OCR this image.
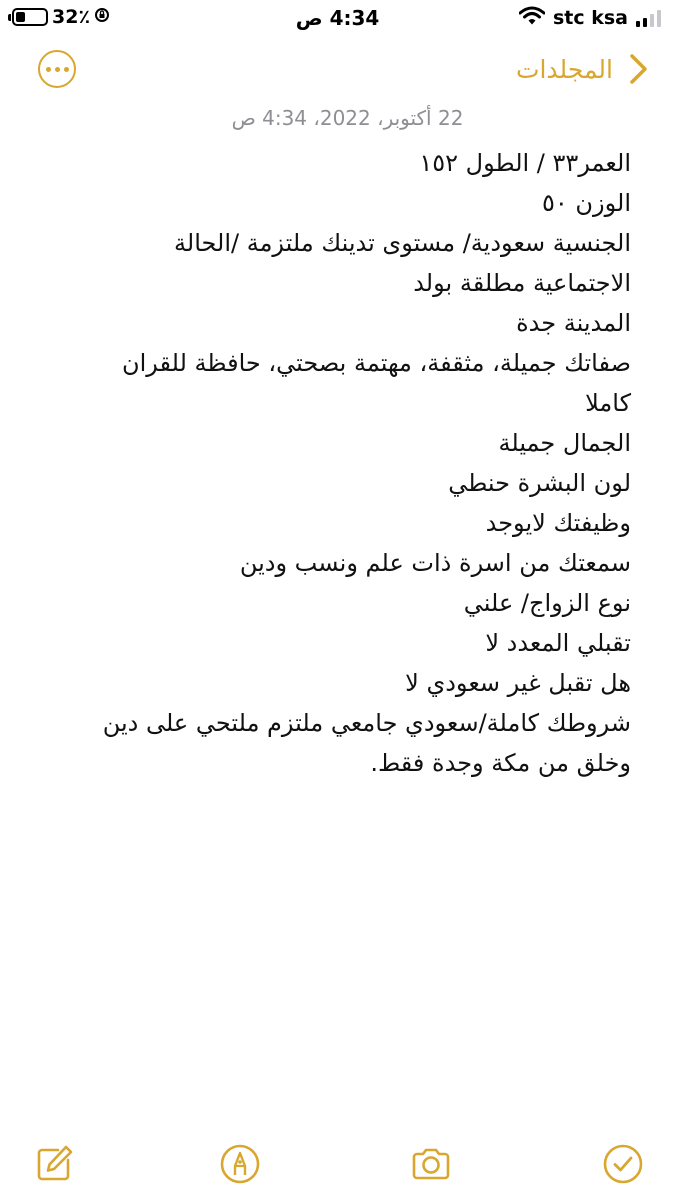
32٪	4:34 ص	stc ksa
المجلدات
22 أكتوبر، 2022، 4:34 ص
العمر٣٣ / الطول ١٥٢
الوزن ٥٠
الجنسية سعودية/ مستوى تدينك ملتزمة /الحالة
الاجتماعية مطلقة بولد
المدينة جدة
صفاتك جميلة، مثقفة، مهتمة بصحتي، حافظة للقران
كاملا
الجمال جميلة
لون البشرة حنطي
وظيفتك لايوجد
سمعتك من اسرة ذات علم ونسب ودين
نوع الزواج/ علني
تقبلي المعدد لا
هل تقبل غير سعودي لا
شروطك كاملة/سعودي جامعي ملتزم ملتحي على دين
وخلق من مكة وجدة فقط.
